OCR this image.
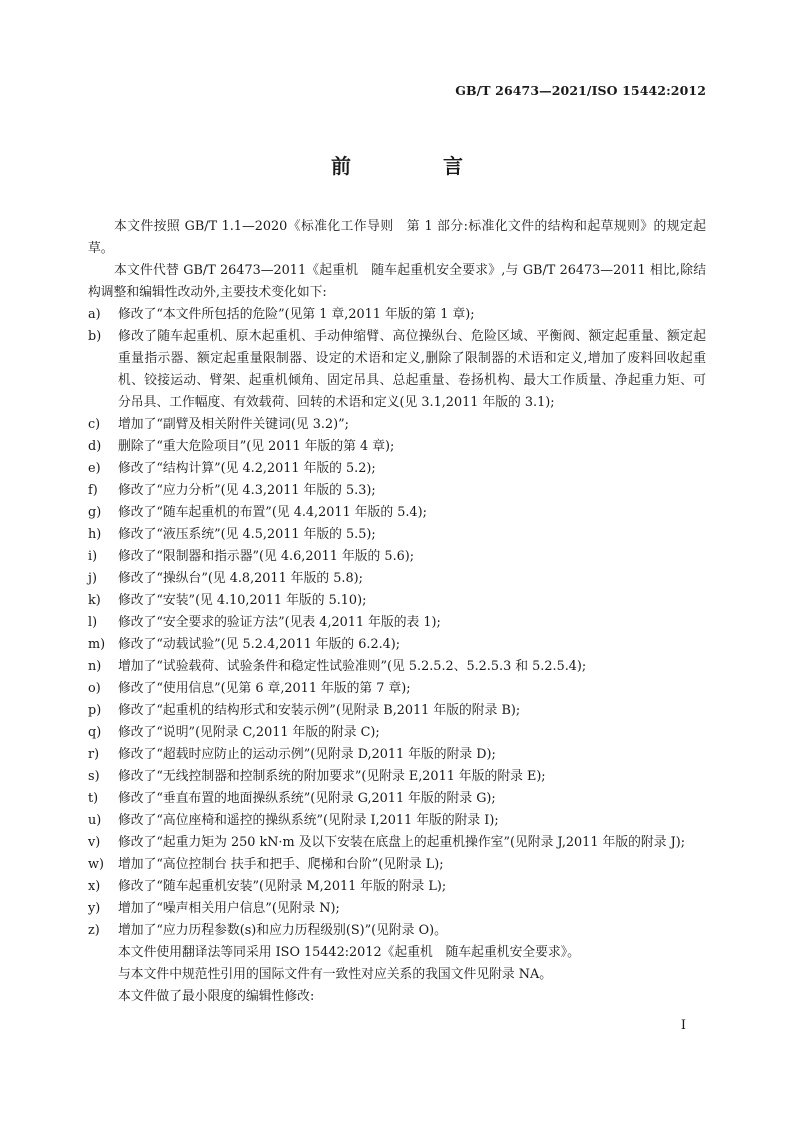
GB/T 26473—2021/ISO 15442:2012
前　言

本文件按照 GB/T 1.1—2020《标准化工作导则　第 1 部分:标准化文件的结构和起草规则》的规定起草。

本文件代替 GB/T 26473—2011《起重机　随车起重机安全要求》,与 GB/T 26473—2011 相比,除结构调整和编辑性改动外,主要技术变化如下:

a)	修改了“本文件所包括的危险”(见第 1 章,2011 年版的第 1 章);
b)	修改了随车起重机、原木起重机、手动伸缩臂、高位操纵台、危险区域、平衡阀、额定起重量、额定起重量指示器、额定起重量限制器、设定的术语和定义,删除了限制器的术语和定义,增加了废料回收起重机、铰接运动、臂架、起重机倾角、固定吊具、总起重量、卷扬机构、最大工作质量、净起重力矩、可分吊具、工作幅度、有效载荷、回转的术语和定义(见 3.1,2011 年版的 3.1);
c)	增加了“副臂及相关附件关键词(见 3.2)”;
d)	删除了“重大危险项目”(见 2011 年版的第 4 章);
e)	修改了“结构计算”(见 4.2,2011 年版的 5.2);
f)	修改了“应力分析”(见 4.3,2011 年版的 5.3);
g)	修改了“随车起重机的布置”(见 4.4,2011 年版的 5.4);
h)	修改了“液压系统”(见 4.5,2011 年版的 5.5);
i)	修改了“限制器和指示器”(见 4.6,2011 年版的 5.6);
j)	修改了“操纵台”(见 4.8,2011 年版的 5.8);
k)	修改了“安装”(见 4.10,2011 年版的 5.10);
l)	修改了“安全要求的验证方法”(见表 4,2011 年版的表 1);
m)	修改了“动载试验”(见 5.2.4,2011 年版的 6.2.4);
n)	增加了“试验载荷、试验条件和稳定性试验准则”(见 5.2.5.2、5.2.5.3 和 5.2.5.4);
o)	修改了“使用信息”(见第 6 章,2011 年版的第 7 章);
p)	修改了“起重机的结构形式和安装示例”(见附录 B,2011 年版的附录 B);
q)	修改了“说明”(见附录 C,2011 年版的附录 C);
r)	修改了“超载时应防止的运动示例”(见附录 D,2011 年版的附录 D);
s)	修改了“无线控制器和控制系统的附加要求”(见附录 E,2011 年版的附录 E);
t)	修改了“垂直布置的地面操纵系统”(见附录 G,2011 年版的附录 G);
u)	修改了“高位座椅和遥控的操纵系统”(见附录 I,2011 年版的附录 I);
v)	修改了“起重力矩为 250 kN·m 及以下安装在底盘上的起重机操作室”(见附录 J,2011 年版的附录 J);
w)	增加了“高位控制台 扶手和把手、爬梯和台阶”(见附录 L);
x)	修改了“随车起重机安装”(见附录 M,2011 年版的附录 L);
y)	增加了“噪声相关用户信息”(见附录 N);
z)	增加了“应力历程参数(s)和应力历程级别(S)”(见附录 O)。

本文件使用翻译法等同采用 ISO 15442:2012《起重机　随车起重机安全要求》。

与本文件中规范性引用的国际文件有一致性对应关系的我国文件见附录 NA。

本文件做了最小限度的编辑性修改:

I
